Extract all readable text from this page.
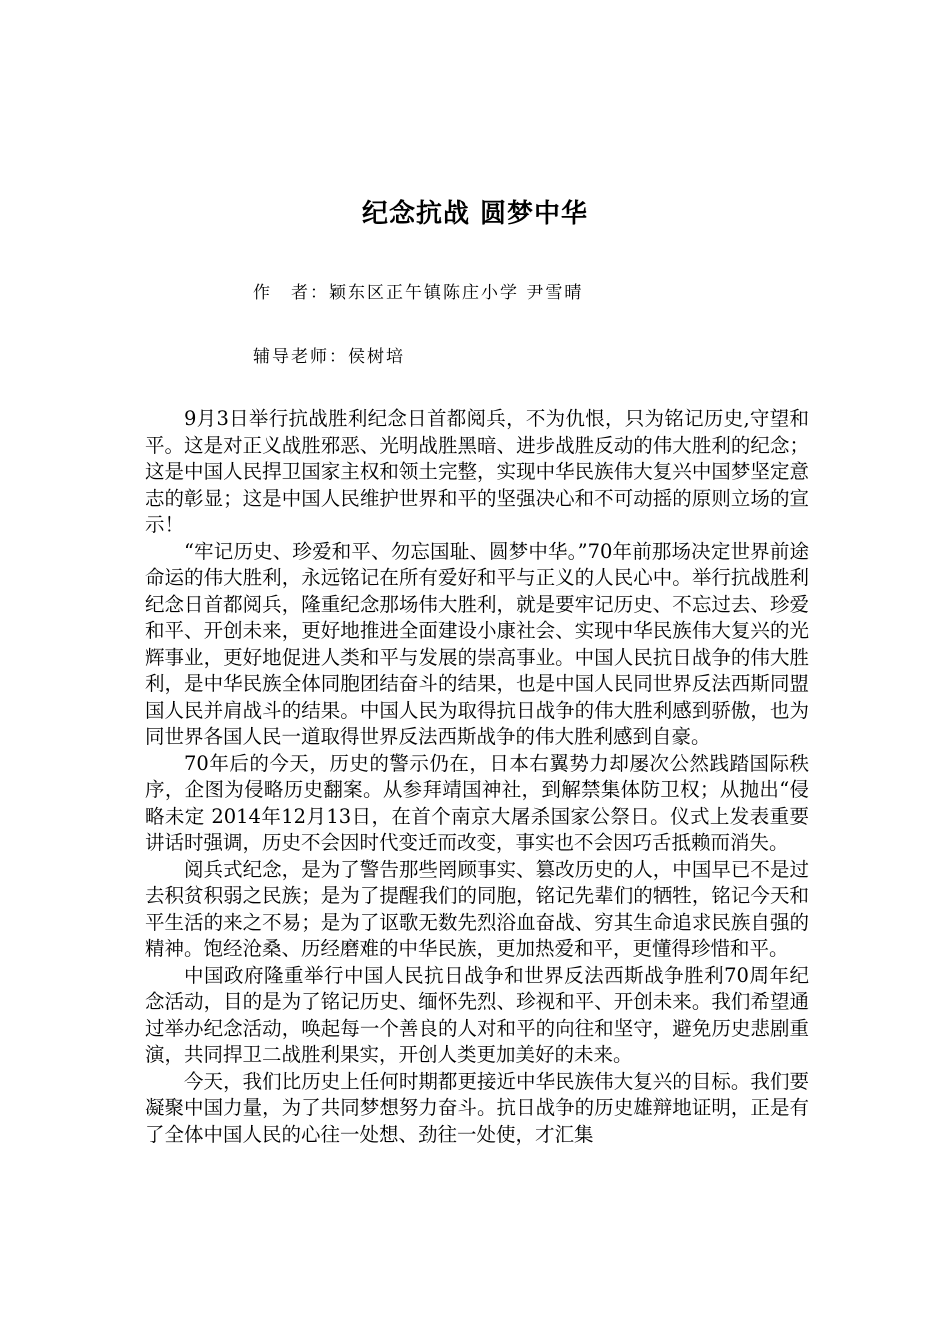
纪念抗战 圆梦中华
作　者：颖东区正午镇陈庄小学 尹雪晴
辅导老师：侯树培

9月3日举行抗战胜利纪念日首都阅兵，不为仇恨，只为铭记历史,守望和平。这是对正义战胜邪恶、光明战胜黑暗、进步战胜反动的伟大胜利的纪念；这是中国人民捍卫国家主权和领土完整，实现中华民族伟大复兴中国梦坚定意志的彰显；这是中国人民维护世界和平的坚强决心和不可动摇的原则立场的宣示！

“牢记历史、珍爱和平、勿忘国耻、圆梦中华。”70年前那场决定世界前途命运的伟大胜利，永远铭记在所有爱好和平与正义的人民心中。举行抗战胜利纪念日首都阅兵，隆重纪念那场伟大胜利，就是要牢记历史、不忘过去、珍爱和平、开创未来，更好地推进全面建设小康社会、实现中华民族伟大复兴的光辉事业，更好地促进人类和平与发展的崇高事业。中国人民抗日战争的伟大胜利，是中华民族全体同胞团结奋斗的结果，也是中国人民同世界反法西斯同盟国人民并肩战斗的结果。中国人民为取得抗日战争的伟大胜利感到骄傲，也为同世界各国人民一道取得世界反法西斯战争的伟大胜利感到自豪。

70年后的今天，历史的警示仍在，日本右翼势力却屡次公然践踏国际秩序，企图为侵略历史翻案。从参拜靖国神社，到解禁集体防卫权；从抛出“侵略未定 2014年12月13日，在首个南京大屠杀国家公祭日。仪式上发表重要讲话时强调，历史不会因时代变迁而改变，事实也不会因巧舌抵赖而消失。

阅兵式纪念，是为了警告那些罔顾事实、篡改历史的人，中国早已不是过去积贫积弱之民族；是为了提醒我们的同胞，铭记先辈们的牺牲，铭记今天和平生活的来之不易；是为了讴歌无数先烈浴血奋战、穷其生命追求民族自强的精神。饱经沧桑、历经磨难的中华民族，更加热爱和平，更懂得珍惜和平。

中国政府隆重举行中国人民抗日战争和世界反法西斯战争胜利70周年纪念活动，目的是为了铭记历史、缅怀先烈、珍视和平、开创未来。我们希望通过举办纪念活动，唤起每一个善良的人对和平的向往和坚守，避免历史悲剧重演，共同捍卫二战胜利果实，开创人类更加美好的未来。

今天，我们比历史上任何时期都更接近中华民族伟大复兴的目标。我们要凝聚中国力量，为了共同梦想努力奋斗。抗日战争的历史雄辩地证明，正是有了全体中国人民的心往一处想、劲往一处使，才汇集
